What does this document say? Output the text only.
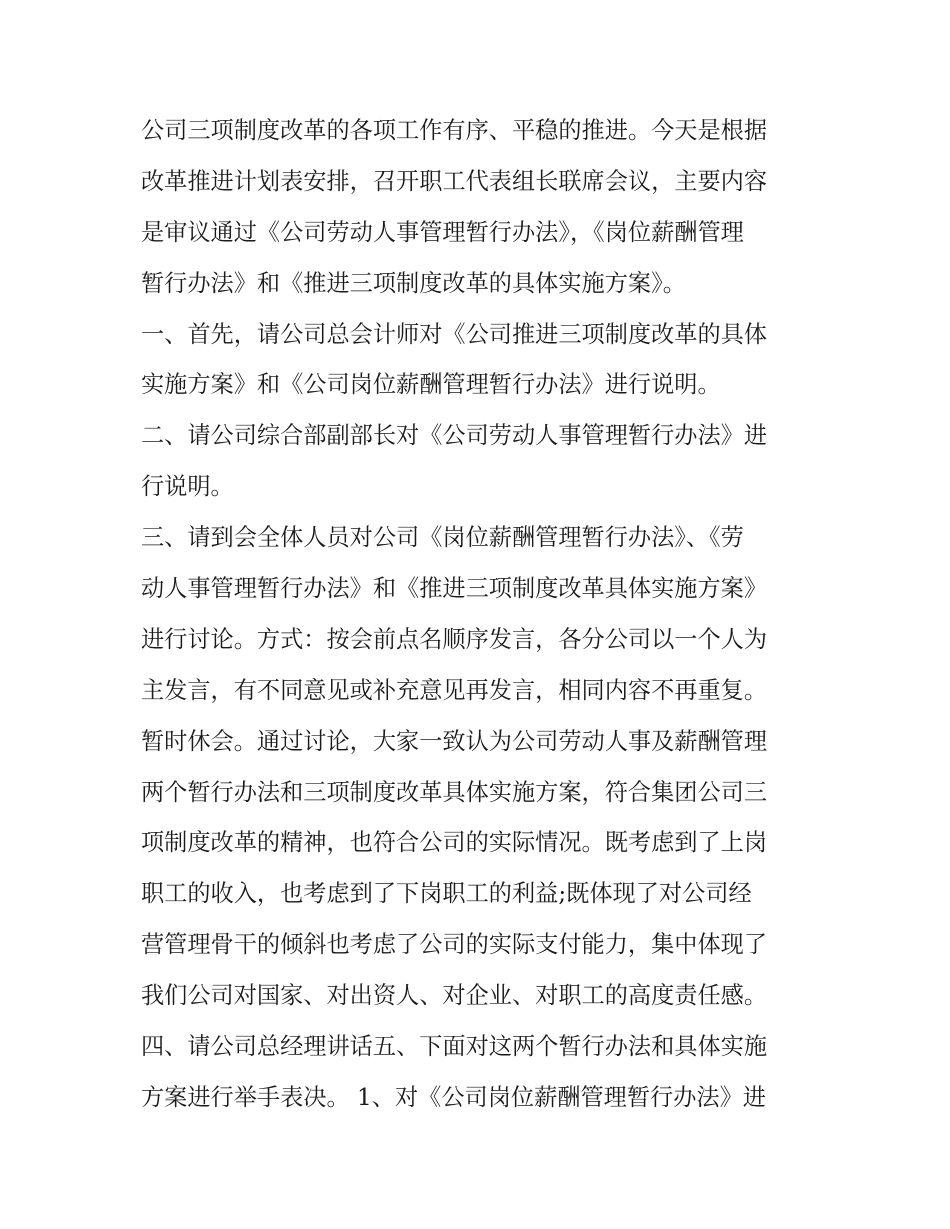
公司三项制度改革的各项工作有序、平稳的推进。今天是根据
改革推进计划表安排，召开职工代表组长联席会议，主要内容
是审议通过《公司劳动人事管理暂行办法》，《岗位薪酬管理
暂行办法》和《推进三项制度改革的具体实施方案》。
一、首先，请公司总会计师对《公司推进三项制度改革的具体
实施方案》和《公司岗位薪酬管理暂行办法》进行说明。
二、请公司综合部副部长对《公司劳动人事管理暂行办法》进
行说明。
三、请到会全体人员对公司《岗位薪酬管理暂行办法》、《劳
动人事管理暂行办法》和《推进三项制度改革具体实施方案》
进行讨论。方式：按会前点名顺序发言，各分公司以一个人为
主发言，有不同意见或补充意见再发言，相同内容不再重复。
暂时休会。通过讨论，大家一致认为公司劳动人事及薪酬管理
两个暂行办法和三项制度改革具体实施方案，符合集团公司三
项制度改革的精神，也符合公司的实际情况。既考虑到了上岗
职工的收入，也考虑到了下岗职工的利益;既体现了对公司经
营管理骨干的倾斜也考虑了公司的实际支付能力，集中体现了
我们公司对国家、对出资人、对企业、对职工的高度责任感。
四、请公司总经理讲话五、下面对这两个暂行办法和具体实施
方案进行举手表决。 1、对《公司岗位薪酬管理暂行办法》进
